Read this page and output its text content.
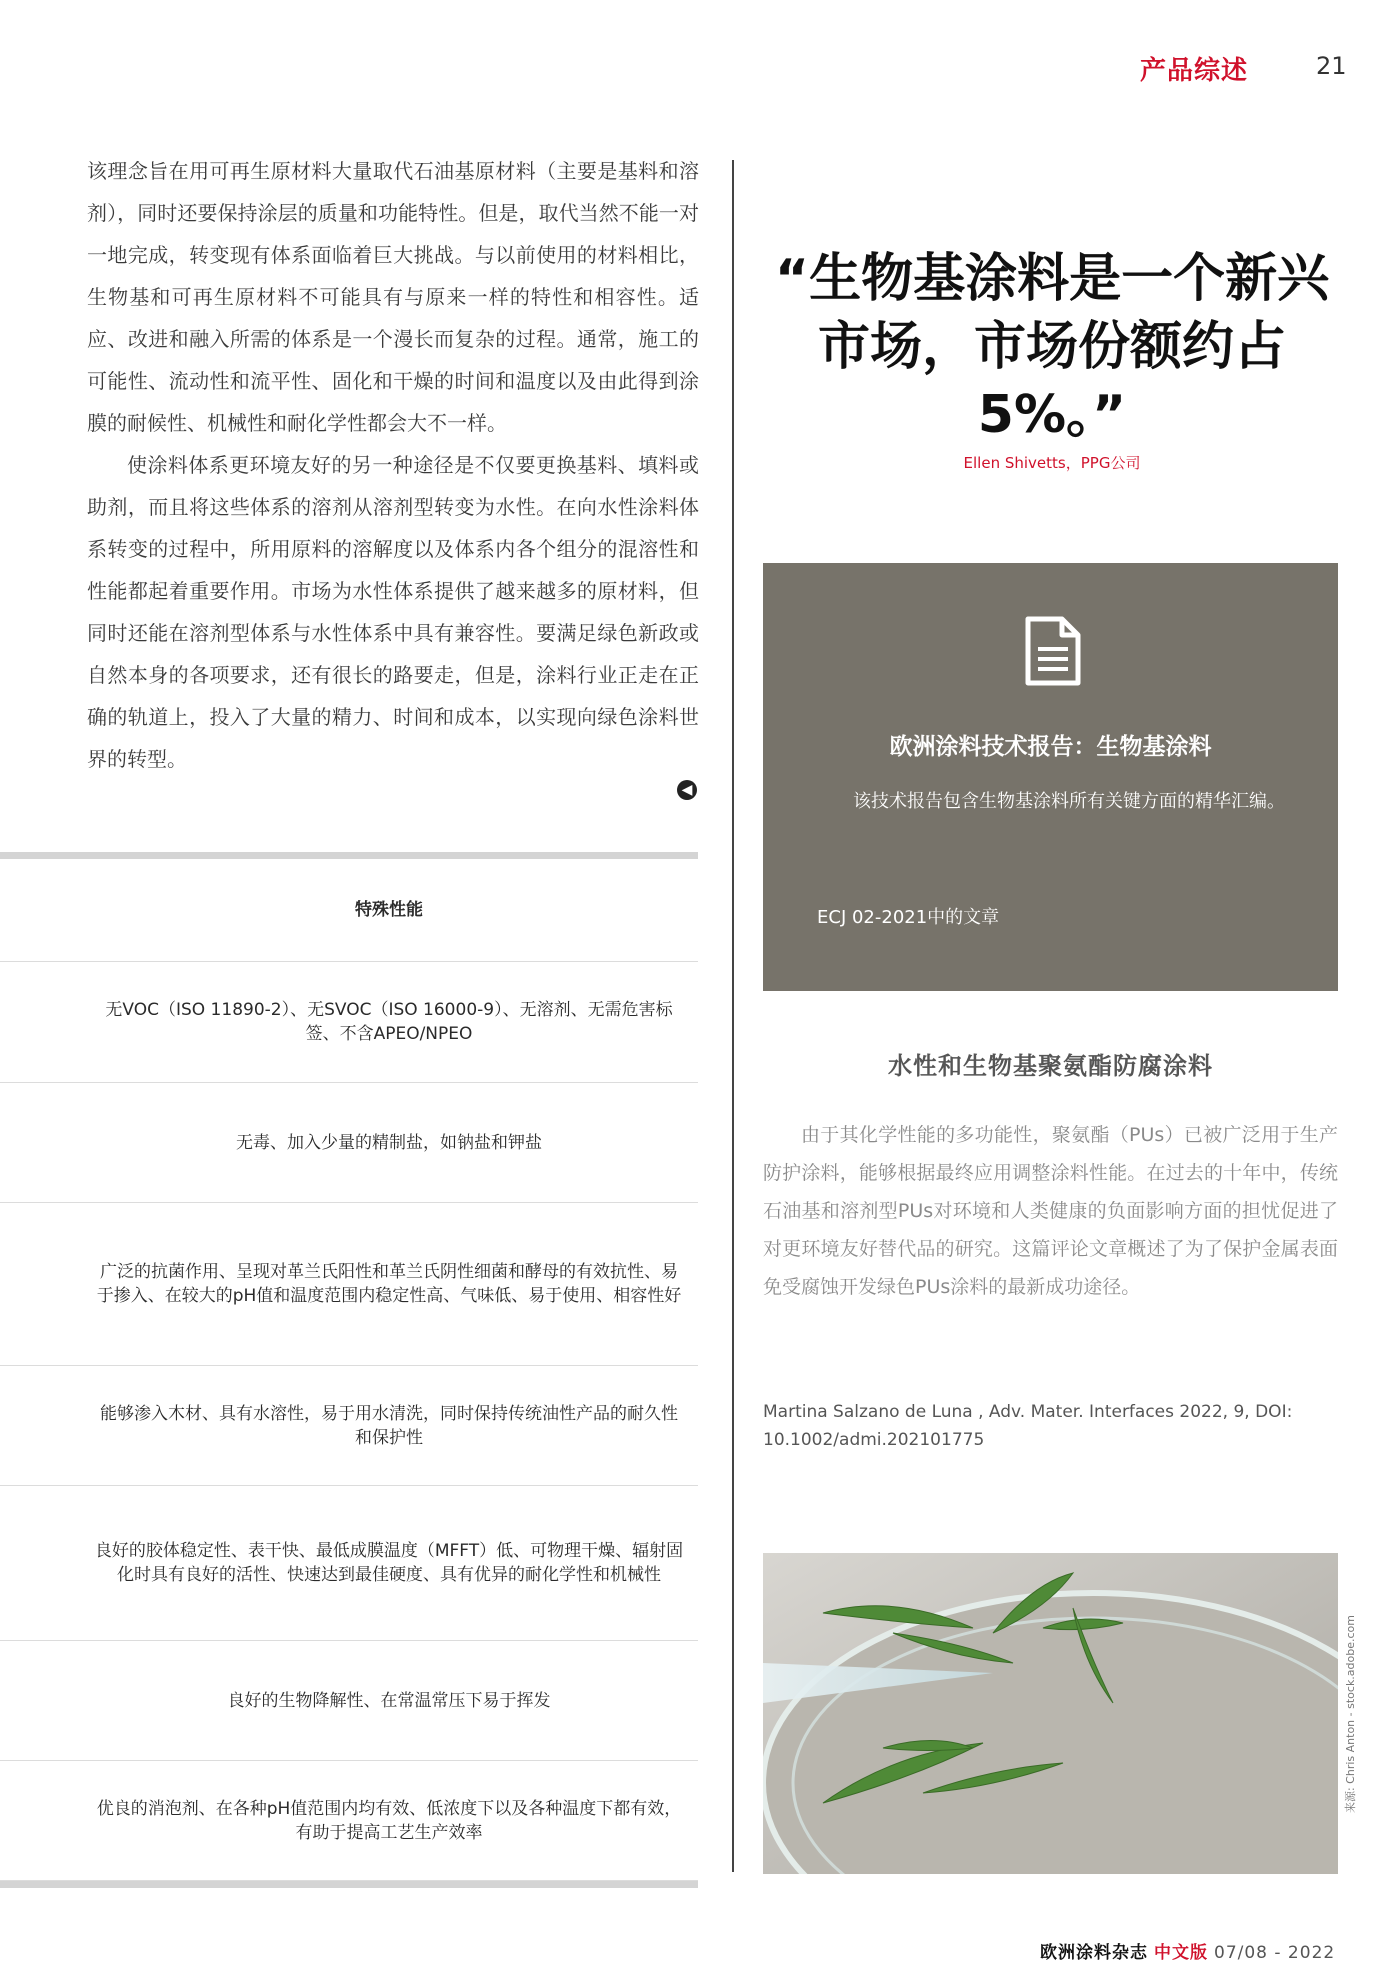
产品综述	21

该理念旨在用可再生原材料大量取代石油基原材料（主要是基料和溶剂），同时还要保持涂层的质量和功能特性。但是，取代当然不能一对一地完成，转变现有体系面临着巨大挑战。与以前使用的材料相比，生物基和可再生原材料不可能具有与原来一样的特性和相容性。适应、改进和融入所需的体系是一个漫长而复杂的过程。通常，施工的可能性、流动性和流平性、固化和干燥的时间和温度以及由此得到涂膜的耐候性、机械性和耐化学性都会大不一样。

使涂料体系更环境友好的另一种途径是不仅要更换基料、填料或助剂，而且将这些体系的溶剂从溶剂型转变为水性。在向水性涂料体系转变的过程中，所用原料的溶解度以及体系内各个组分的混溶性和性能都起着重要作用。市场为水性体系提供了越来越多的原材料，但同时还能在溶剂型体系与水性体系中具有兼容性。要满足绿色新政或自然本身的各项要求，还有很长的路要走，但是，涂料行业正走在正确的轨道上，投入了大量的精力、时间和成本，以实现向绿色涂料世界的转型。

◀
特殊性能
无VOC（ISO 11890-2）、无SVOC（ISO 16000-9）、无溶剂、无需危害标签、不含APEO/NPEO
无毒、加入少量的精制盐，如钠盐和钾盐
广泛的抗菌作用、呈现对革兰氏阳性和革兰氏阴性细菌和酵母的有效抗性、易于掺入、在较大的pH值和温度范围内稳定性高、气味低、易于使用、相容性好
能够渗入木材、具有水溶性，易于用水清洗，同时保持传统油性产品的耐久性和保护性
良好的胶体稳定性、表干快、最低成膜温度（MFFT）低、可物理干燥、辐射固化时具有良好的活性、快速达到最佳硬度、具有优异的耐化学性和机械性
良好的生物降解性、在常温常压下易于挥发
优良的消泡剂、在各种pH值范围内均有效、低浓度下以及各种温度下都有效，有助于提高工艺生产效率
“生物基涂料是一个新兴市场，市场份额约占5%。”
Ellen Shivetts，PPG公司
欧洲涂料技术报告：生物基涂料
该技术报告包含生物基涂料所有关键方面的精华汇编。
ECJ 02-2021中的文章
水性和生物基聚氨酯防腐涂料
由于其化学性能的多功能性，聚氨酯（PUs）已被广泛用于生产防护涂料，能够根据最终应用调整涂料性能。在过去的十年中，传统石油基和溶剂型PUs对环境和人类健康的负面影响方面的担忧促进了对更环境友好替代品的研究。这篇评论文章概述了为了保护金属表面免受腐蚀开发绿色PUs涂料的最新成功途径。
Martina Salzano de Luna , Adv. Mater. Interfaces 2022, 9, DOI: 10.1002/admi.202101775
来源: Chris Anton - stock.adobe.com
欧洲涂料杂志 中文版 07/08 - 2022
